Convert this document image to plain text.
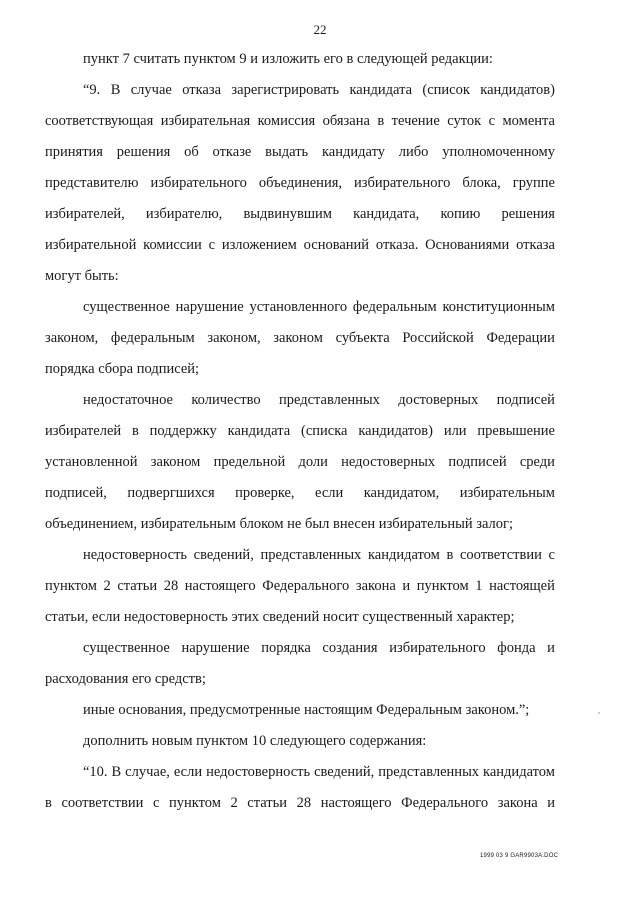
22
пункт 7 считать пунктом 9 и изложить его в следующей редакции:
“9. В случае отказа зарегистрировать кандидата (список кандидатов)
соответствующая избирательная комиссия обязана в течение суток с момента
принятия решения об отказе выдать кандидату либо уполномоченному
представителю избирательного объединения, избирательного блока, группе
избирателей, избирателю, выдвинувшим кандидата, копию решения
избирательной комиссии с изложением оснований отказа. Основаниями отказа
могут быть:
существенное нарушение установленного федеральным конституционным
законом, федеральным законом, законом субъекта Российской Федерации
порядка сбора подписей;
недостаточное количество представленных достоверных подписей
избирателей в поддержку кандидата (списка кандидатов) или превышение
установленной законом предельной доли недостоверных подписей среди
подписей, подвергшихся проверке, если кандидатом, избирательным
объединением, избирательным блоком не был внесен избирательный залог;
недостоверность сведений, представленных кандидатом в соответствии с
пунктом 2 статьи 28 настоящего Федерального закона и пунктом 1 настоящей
статьи, если недостоверность этих сведений носит существенный характер;
существенное нарушение порядка создания избирательного фонда и
расходования его средств;
иные основания, предусмотренные настоящим Федеральным законом.”;
дополнить новым пунктом 10 следующего содержания:
“10. В случае, если недостоверность сведений, представленных кандидатом
в соответствии с пунктом 2 статьи 28 настоящего Федерального закона и
1999 03 9 GAR9903A.DOC
